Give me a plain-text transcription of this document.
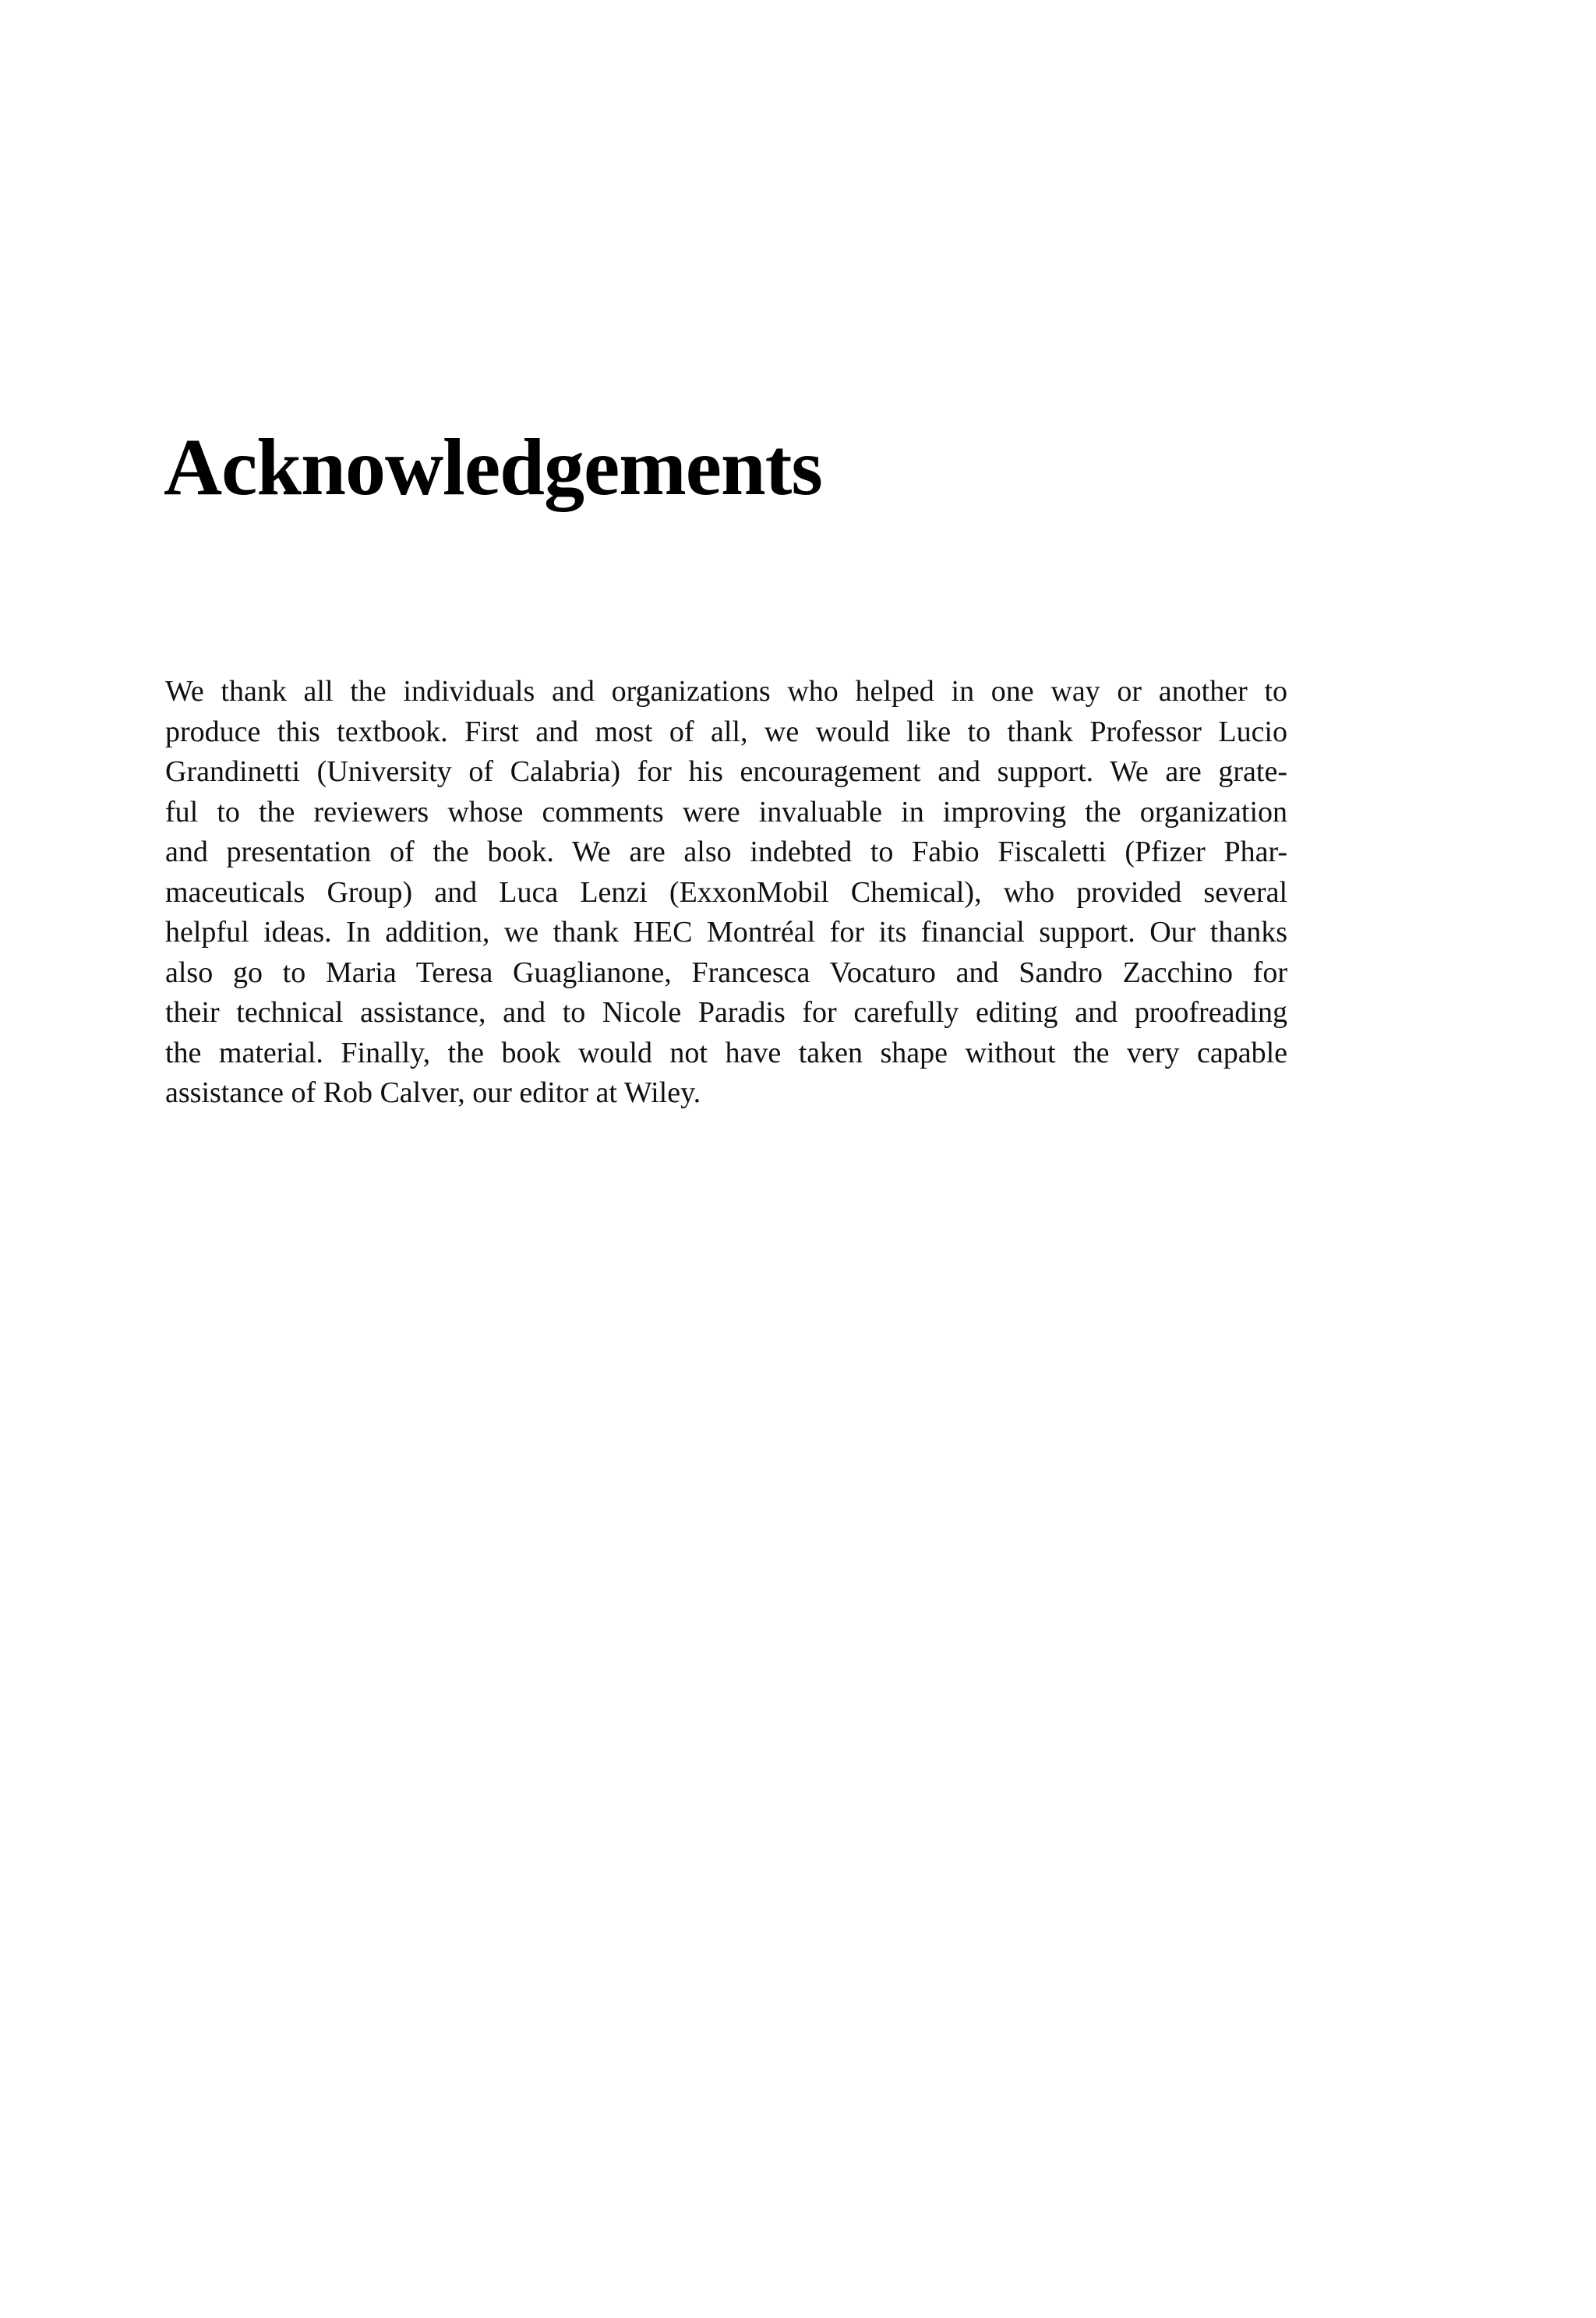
Acknowledgements
We thank all the individuals and organizations who helped in one way or another to
produce this textbook. First and most of all, we would like to thank Professor Lucio
Grandinetti (University of Calabria) for his encouragement and support. We are grate-
ful to the reviewers whose comments were invaluable in improving the organization
and presentation of the book. We are also indebted to Fabio Fiscaletti (Pfizer Phar-
maceuticals Group) and Luca Lenzi (ExxonMobil Chemical), who provided several
helpful ideas. In addition, we thank HEC Montréal for its financial support. Our thanks
also go to Maria Teresa Guaglianone, Francesca Vocaturo and Sandro Zacchino for
their technical assistance, and to Nicole Paradis for carefully editing and proofreading
the material. Finally, the book would not have taken shape without the very capable
assistance of Rob Calver, our editor at Wiley.
